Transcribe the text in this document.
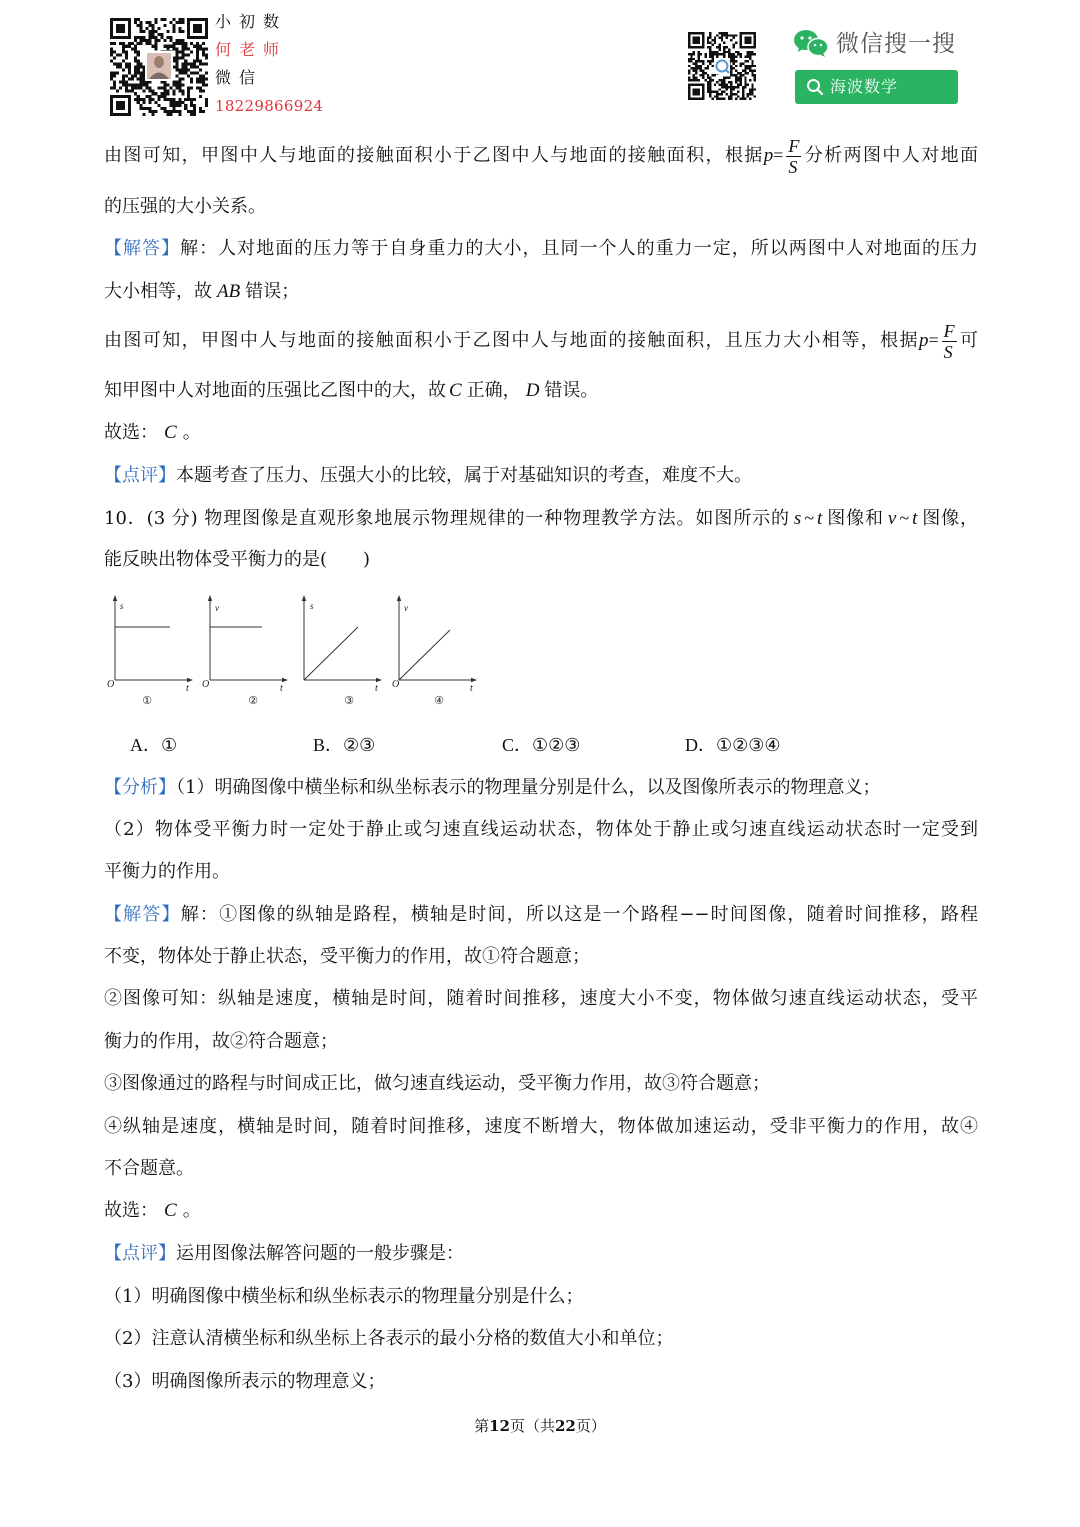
小初数
何老师
微信
18229866924
微信搜一搜
海波数学
由图可知，甲图中人与地面的接触面积小于乙图中人与地面的接触面积，根据$p= \frac{F}{S}$ 分析两图中人对地面
的压强的大小关系。
【解答】解：人对地面的压力等于自身重力的大小，且同一个人的重力一定，所以两图中人对地面的压力
大小相等，故 AB 错误；
由图可知，甲图中人与地面的接触面积小于乙图中人与地面的接触面积，且压力大小相等，根据$p= \frac{F}{S}$ 可
知甲图中人对地面的压强比乙图中的大，故 C 正确， D 错误。
故选： C 。
【点评】本题考查了压力、压强大小的比较，属于对基础知识的考查，难度不大。
10．(3 分) 物理图像是直观形象地展示物理规律的一种物理教学方法。如图所示的 s ~ t 图像和 v ~ t 图像，
能反映出物体受平衡力的是(　　)
s
O	t
①
v
O	t
②
s
t
③
v
O	t
④
A．①	B．②③	C．①②③	D．①②③④
【分析】（1）明确图像中横坐标和纵坐标表示的物理量分别是什么，以及图像所表示的物理意义；
（2）物体受平衡力时一定处于静止或匀速直线运动状态，物体处于静止或匀速直线运动状态时一定受到
平衡力的作用。
【解答】解：①图像的纵轴是路程，横轴是时间，所以这是一个路程−−时间图像，随着时间推移，路程
不变，物体处于静止状态，受平衡力的作用，故①符合题意；
②图像可知：纵轴是速度，横轴是时间，随着时间推移，速度大小不变，物体做匀速直线运动状态，受平
衡力的作用，故②符合题意；
③图像通过的路程与时间成正比，做匀速直线运动，受平衡力作用，故③符合题意；
④纵轴是速度，横轴是时间，随着时间推移，速度不断增大，物体做加速运动，受非平衡力的作用，故④
不合题意。
故选： C 。
【点评】运用图像法解答问题的一般步骤是：
（1）明确图像中横坐标和纵坐标表示的物理量分别是什么；
（2）注意认清横坐标和纵坐标上各表示的最小分格的数值大小和单位；
（3）明确图像所表示的物理意义；
第12页（共22页）
